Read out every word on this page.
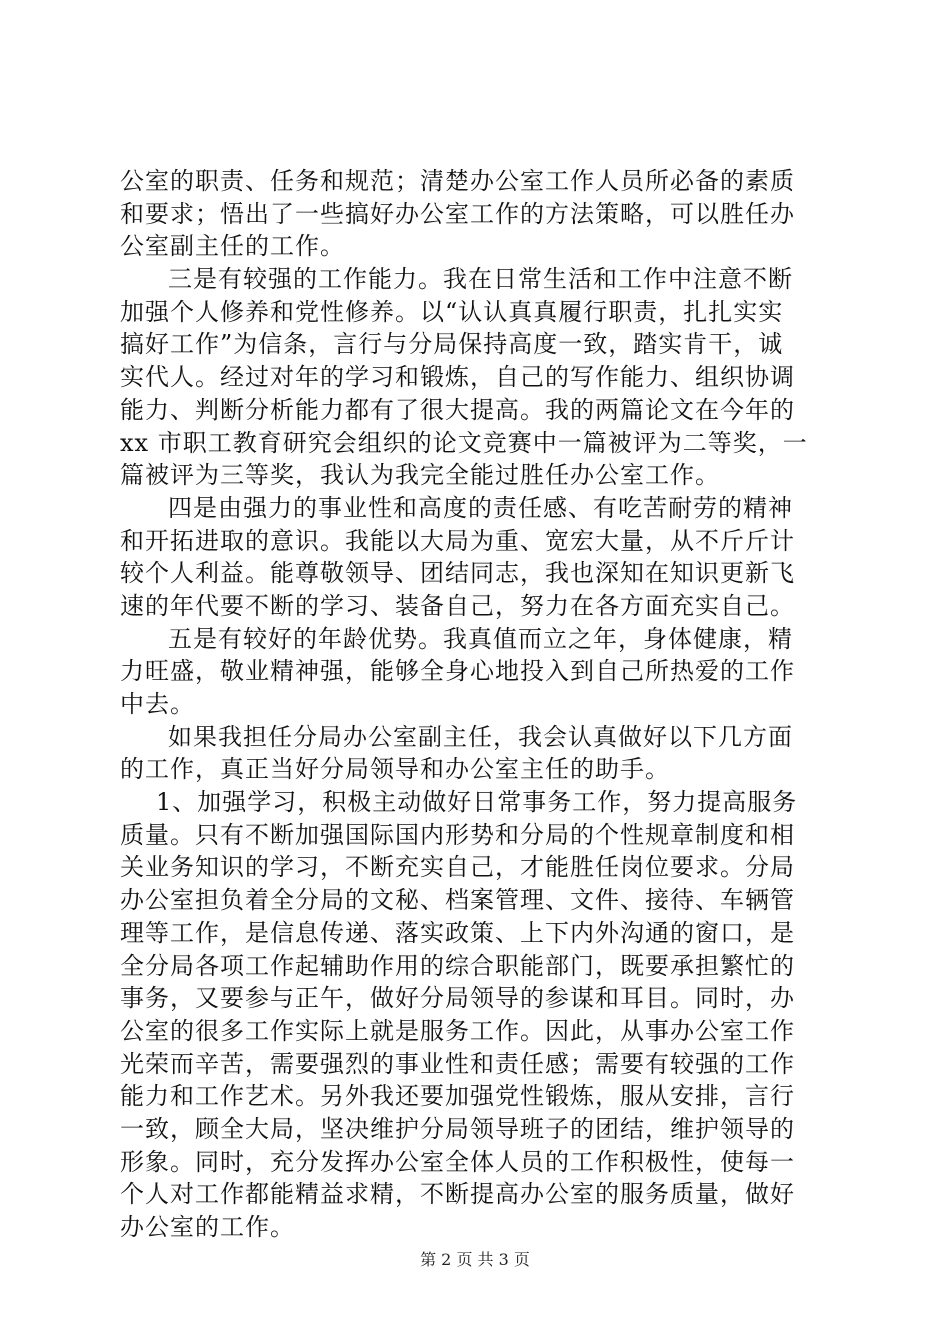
公室的职责、任务和规范；清楚办公室工作人员所必备的素质
和要求；悟出了一些搞好办公室工作的方法策略，可以胜任办
公室副主任的工作。
三是有较强的工作能力。我在日常生活和工作中注意不断
加强个人修养和党性修养。以“认认真真履行职责，扎扎实实
搞好工作”为信条，言行与分局保持高度一致，踏实肯干，诚
实代人。经过对年的学习和锻炼，自己的写作能力、组织协调
能力、判断分析能力都有了很大提高。我的两篇论文在今年的
xx 市职工教育研究会组织的论文竞赛中一篇被评为二等奖，一
篇被评为三等奖，我认为我完全能过胜任办公室工作。
四是由强力的事业性和高度的责任感、有吃苦耐劳的精神
和开拓进取的意识。我能以大局为重、宽宏大量，从不斤斤计
较个人利益。能尊敬领导、团结同志，我也深知在知识更新飞
速的年代要不断的学习、装备自己，努力在各方面充实自己。
五是有较好的年龄优势。我真值而立之年，身体健康，精
力旺盛，敬业精神强，能够全身心地投入到自己所热爱的工作
中去。
如果我担任分局办公室副主任，我会认真做好以下几方面
的工作，真正当好分局领导和办公室主任的助手。
1、加强学习，积极主动做好日常事务工作，努力提高服务
质量。只有不断加强国际国内形势和分局的个性规章制度和相
关业务知识的学习，不断充实自己，才能胜任岗位要求。分局
办公室担负着全分局的文秘、档案管理、文件、接待、车辆管
理等工作，是信息传递、落实政策、上下内外沟通的窗口，是
全分局各项工作起辅助作用的综合职能部门，既要承担繁忙的
事务，又要参与正午，做好分局领导的参谋和耳目。同时，办
公室的很多工作实际上就是服务工作。因此，从事办公室工作
光荣而辛苦，需要强烈的事业性和责任感；需要有较强的工作
能力和工作艺术。另外我还要加强党性锻炼，服从安排，言行
一致，顾全大局，坚决维护分局领导班子的团结，维护领导的
形象。同时，充分发挥办公室全体人员的工作积极性，使每一
个人对工作都能精益求精，不断提高办公室的服务质量，做好
办公室的工作。
第 2 页 共 3 页
